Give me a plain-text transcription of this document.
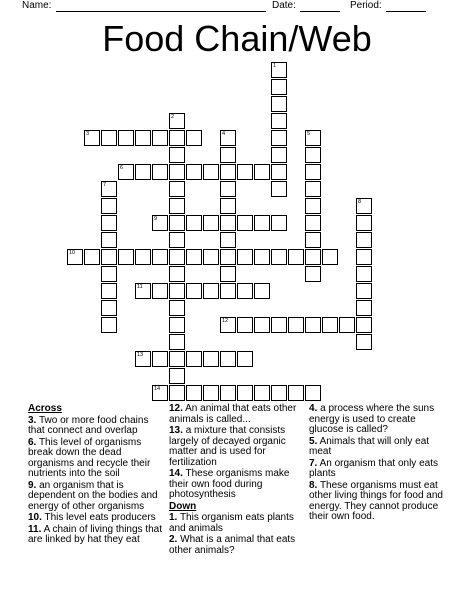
Name:	Date:	Period:
Food Chain/Web
1
2
3	4	5
6
7
8
9
10
11
12
13
14
Across
3. Two or more food chains that connect and overlap
6. This level of organisms break down the dead organisms and recycle their nutrients into the soil
9. an organism that is dependent on the bodies and energy of other organisms
10. This level eats producers
11. A chain of living things that are linked by hat they eat
12. An animal that eats other animals is called...
13. a mixture that consists largely of decayed organic matter and is used for fertilization
14. These organisms make their own food during photosynthesis
Down
1. This organism eats plants and animals
2. What is a animal that eats other animals?
4. a process where the suns energy is used to create glucose is called?
5. Animals that will only eat meat
7. An organism that only eats plants
8. These organisms must eat other living things for food and energy. They cannot produce their own food.
